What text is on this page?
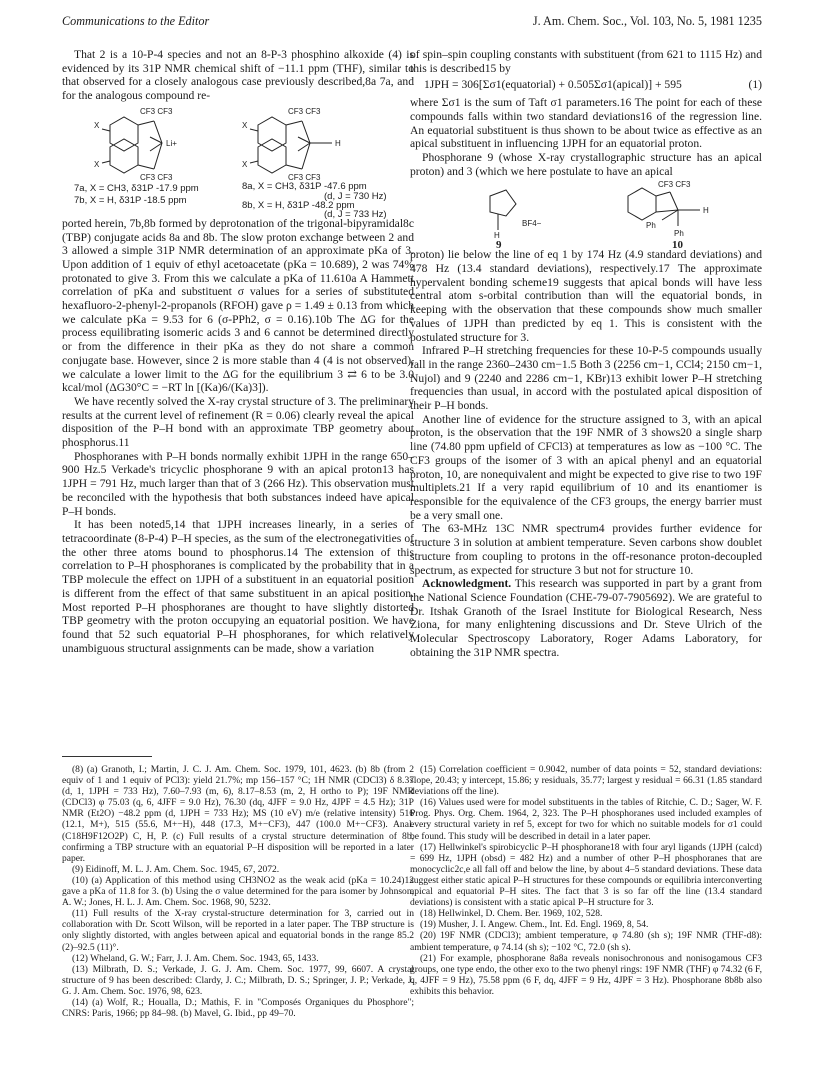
Communications to the Editor	J. Am. Chem. Soc., Vol. 103, No. 5, 1981 1235

That 2 is a 10-P-4 species and not an 8-P-3 phosphino alkoxide (4) is evidenced by its 31P NMR chemical shift of −11.1 ppm (THF), similar to that observed for a closely analogous case previously described,8a 7a, and for the analogous compound re-

CF3 CF3
CF3 CF3
Li+
X
X
CF3 CF3
CF3 CF3
H
X
X
7a, X = CH3, δ31P -17.9 ppm
7b, X = H, δ31P -18.5 ppm
8a, X = CH3, δ31P -47.6 ppm
(d, J = 730 Hz)
8b, X = H, δ31P -48.2 ppm
(d, J = 733 Hz)

ported herein, 7b,8b formed by deprotonation of the trigonal-bipyramidal8c (TBP) conjugate acids 8a and 8b. The slow proton exchange between 2 and 3 allowed a simple 31P NMR determination of an approximate pKa of 3. Upon addition of 1 equiv of ethyl acetoacetate (pKa = 10.689), 2 was 74% protonated to give 3. From this we calculate a pKa of 11.610a A Hammett correlation of pKa and substituent σ values for a series of substituted hexafluoro-2-phenyl-2-propanols (RFOH) gave ρ = 1.49 ± 0.13 from which we calculate pKa = 9.53 for 6 (σ-PPh2, σ = 0.16).10b The ΔG for the process equilibrating isomeric acids 3 and 6 cannot be determined directly or from the difference in their pKa as they do not share a common conjugate base. However, since 2 is more stable than 4 (4 is not observed), we calculate a lower limit to the ΔG for the equilibrium 3 ⇄ 6 to be 3.0 kcal/mol (ΔG30°C = −RT ln [(Ka)6/(Ka)3]).

We have recently solved the X-ray crystal structure of 3. The preliminary results at the current level of refinement (R = 0.06) clearly reveal the apical disposition of the P–H bond with an approximate TBP geometry about phosphorus.11

Phosphoranes with P–H bonds normally exhibit 1JPH in the range 650–900 Hz.5 Verkade's tricyclic phosphorane 9 with an apical proton13 has 1JPH = 791 Hz, much larger than that of 3 (266 Hz). This observation must be reconciled with the hypothesis that both substances indeed have apical P–H bonds.

It has been noted5,14 that 1JPH increases linearly, in a series of tetracoordinate (8-P-4) P–H species, as the sum of the electronegativities of the other three atoms bound to phosphorus.14 The extension of this correlation to P–H phosphoranes is complicated by the probability that in a TBP molecule the effect on 1JPH of a substituent in an equatorial position is different from the effect of that same substituent in an apical position. Most reported P–H phosphoranes are thought to have slightly distorted TBP geometry with the proton occupying an equatorial position. We have found that 52 such equatorial P–H phosphoranes, for which relatively unambiguous structural assignments can be made, show a variation

of spin–spin coupling constants with substituent (from 621 to 1115 Hz) and this is described15 by

1JPH = 306[Σσ1(equatorial) + 0.505Σσ1(apical)] + 595	(1)

where Σσ1 is the sum of Taft σ1 parameters.16 The point for each of these compounds falls within two standard deviations16 of the regression line. An equatorial substituent is thus shown to be about twice as effective as an apical substituent in influencing 1JPH for an equatorial proton.

Phosphorane 9 (whose X-ray crystallographic structure has an apical proton) and 3 (which we here postulate to have an apical

BF4−
H
CF3 CF3
H
Ph
Ph
9	10

proton) lie below the line of eq 1 by 174 Hz (4.9 standard deviations) and 478 Hz (13.4 standard deviations), respectively.17 The approximate hypervalent bonding scheme19 suggests that apical bonds will have less central atom s-orbital contribution than will the equatorial bonds, in keeping with the observation that these compounds show much smaller values of 1JPH than predicted by eq 1. This is consistent with the postulated structure for 3.

Infrared P–H stretching frequencies for these 10-P-5 compounds usually fall in the range 2360–2430 cm−1.5 Both 3 (2256 cm−1, CCl4; 2150 cm−1, Nujol) and 9 (2240 and 2286 cm−1, KBr)13 exhibit lower P–H stretching frequencies than usual, in accord with the postulated apical disposition of their P–H bonds.

Another line of evidence for the structure assigned to 3, with an apical proton, is the observation that the 19F NMR of 3 shows20 a single sharp line (74.80 ppm upfield of CFCl3) at temperatures as low as −100 °C. The CF3 groups of the isomer of 3 with an apical phenyl and an equatorial proton, 10, are nonequivalent and might be expected to give rise to two 19F multiplets.21 If a very rapid equilibrium of 10 and its enantiomer is responsible for the equivalence of the CF3 groups, the energy barrier must be a very small one.

The 63-MHz 13C NMR spectrum4 provides further evidence for structure 3 in solution at ambient temperature. Seven carbons show doublet structure from coupling to protons in the off-resonance proton-decoupled spectrum, as expected for structure 3 but not for structure 10.

Acknowledgment. This research was supported in part by a grant from the National Science Foundation (CHE-79-07-7905692). We are grateful to Dr. Itshak Granoth of the Israel Institute for Biological Research, Ness Ziona, for many enlightening discussions and Dr. Steve Ulrich of the Molecular Spectroscopy Laboratory, Roger Adams Laboratory, for obtaining the 31P NMR spectra.

(8) (a) Granoth, I.; Martin, J. C. J. Am. Chem. Soc. 1979, 101, 4623. (b) 8b (from 2 equiv of 1 and 1 equiv of PCl3): yield 21.7%; mp 156–157 °C; 1H NMR (CDCl3) δ 8.37 (d, 1, 1JPH = 733 Hz), 7.60–7.93 (m, 6), 8.17–8.53 (m, 2, H ortho to P); 19F NMR (CDCl3) φ 75.03 (q, 6, 4JFF = 9.0 Hz), 76.30 (dq, 4JFF = 9.0 Hz, 4JPF = 4.5 Hz); 31P NMR (Et2O) −48.2 ppm (d, 1JPH = 733 Hz); MS (10 eV) m/e (relative intensity) 516 (12.1, M+), 515 (55.6, M+−H), 448 (17.3, M+−CF3), 447 (100.0 M+−CF3). Anal. (C18H9F12O2P) C, H, P. (c) Full results of a crystal structure determination of 8b, confirming a TBP structure with an equatorial P–H disposition will be reported in a later paper.

(9) Eidinoff, M. L. J. Am. Chem. Soc. 1945, 67, 2072.

(10) (a) Application of this method using CH3NO2 as the weak acid (pKa = 10.24)12 gave a pKa of 11.8 for 3. (b) Using the σ value determined for the para isomer by Johnson, A. W.; Jones, H. L. J. Am. Chem. Soc. 1968, 90, 5232.

(11) Full results of the X-ray crystal-structure determination for 3, carried out in collaboration with Dr. Scott Wilson, will be reported in a later paper. The TBP structure is only slightly distorted, with angles between apical and equatorial bonds in the range 85.2 (2)–92.5 (11)°.

(12) Wheland, G. W.; Farr, J. J. Am. Chem. Soc. 1943, 65, 1433.

(13) Milbrath, D. S.; Verkade, J. G. J. Am. Chem. Soc. 1977, 99, 6607. A crystal structure of 9 has been described: Clardy, J. C.; Milbrath, D. S.; Springer, J. P.; Verkade, J. G. J. Am. Chem. Soc. 1976, 98, 623.

(14) (a) Wolf, R.; Houalla, D.; Mathis, F. in "Composés Organiques du Phosphore"; CNRS: Paris, 1966; pp 84–98. (b) Mavel, G. Ibid., pp 49–70.

(15) Correlation coefficient = 0.9042, number of data points = 52, standard deviations: slope, 20.43; y intercept, 15.86; y residuals, 35.77; largest y residual = 66.31 (1.85 standard deviations off the line).

(16) Values used were for model substituents in the tables of Ritchie, C. D.; Sager, W. F. Prog. Phys. Org. Chem. 1964, 2, 323. The P–H phosphoranes used included examples of every structural variety in ref 5, except for two for which no suitable models for σ1 could be found. This study will be described in detail in a later paper.

(17) Hellwinkel's spirobicyclic P–H phosphorane18 with four aryl ligands (1JPH (calcd) = 699 Hz, 1JPH (obsd) = 482 Hz) and a number of other P–H phosphoranes that are monocyclic2c,e all fall off and below the line, by about 4–5 standard deviations. These data suggest either static apical P–H structures for these compounds or equilibria interconverting apical and equatorial P–H sites. The fact that 3 is so far off the line (13.4 standard deviations) is consistent with a static apical P–H structure for 3.

(18) Hellwinkel, D. Chem. Ber. 1969, 102, 528.

(19) Musher, J. I. Angew. Chem., Int. Ed. Engl. 1969, 8, 54.

(20) 19F NMR (CDCl3); ambient temperature, φ 74.80 (sh s); 19F NMR (THF-d8): ambient temperature, φ 74.14 (sh s); −102 °C, 72.0 (sh s).

(21) For example, phosphorane 8a8a reveals nonisochronous and nonisogamous CF3 groups, one type endo, the other exo to the two phenyl rings: 19F NMR (THF) φ 74.32 (6 F, q, 4JFF = 9 Hz), 75.58 ppm (6 F, dq, 4JFF = 9 Hz, 4JPF = 3 Hz). Phosphorane 8b8b also exhibits this behavior.
